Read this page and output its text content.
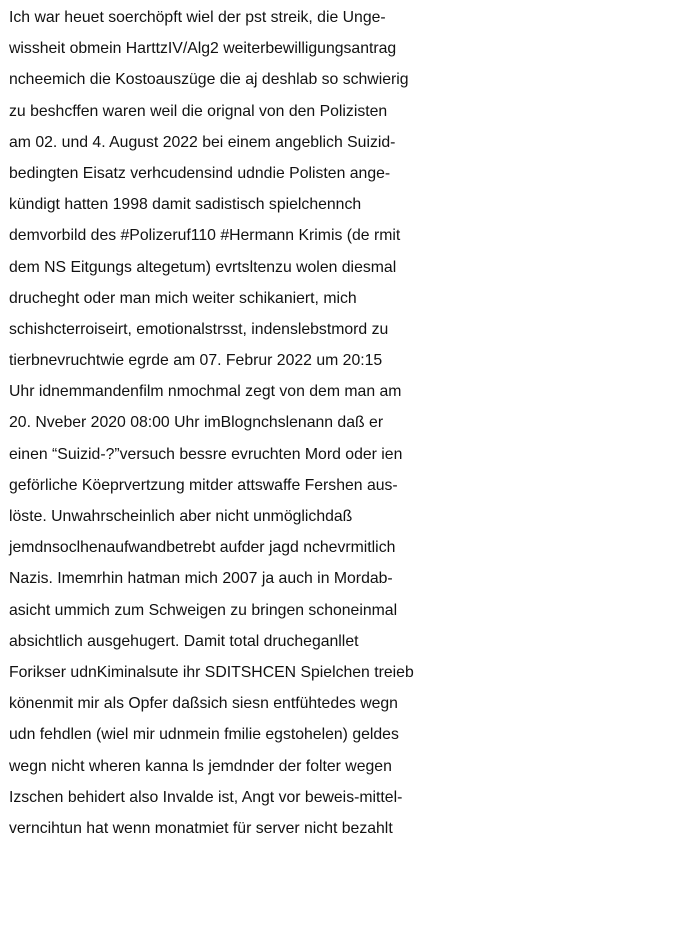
Ich war heuet soerchöpft wiel der pst streik, die Unge-
wissheit obmein HarttzIV/Alg2 weiterbewilligungsantrag
ncheemich die Kostoauszüge die aj deshlab so schwierig
zu beshcffen waren weil die orignal von den Polizisten
am 02. und 4. August 2022 bei einem angeblich Suizid-
bedingten Eisatz verhcudensind udndie Polisten ange-
kündigt hatten 1998 damit sadistisch spielchennch
demvorbild des #Polizeruf110 #Hermann Krimis (de rmit
dem NS Eitgungs altegetum) evrtsltenzu wolen diesmal
drucheght oder man mich weiter schikaniert, mich
schishcterroiseirt, emotionalstrsst, indenslebstmord zu
tierbnevruchtwie egrde am 07. Februr 2022 um 20:15
Uhr idnemmandenfilm nmochmal zegt von dem man am
20. Nveber 2020 08:00 Uhr imBlognchslenann daß er
einen “Suizid-?”versuch bessre evruchten Mord oder ien
geförliche Köeprvertzung mitder attswaffe Fershen aus-
löste. Unwahrscheinlich aber nicht unmöglichdaß
jemdnsoclhenaufwandbetrebt aufder jagd nchevrmitlich
Nazis. Imemrhin hatman mich 2007 ja auch in Mordab-
asicht ummich zum Schweigen zu bringen schoneinmal
absichtlich ausgehugert. Damit total drucheganllet
Forikser udnKiminalsute ihr SDITSHCEN Spielchen treieb
könenmit mir als Opfer daßsich siesn entfühtedes wegn
udn fehdlen (wiel mir udnmein fmilie egstohelen) geldes
wegn nicht wheren kanna ls jemdnder der folter wegen
Izschen behidert also Invalde ist, Angt vor beweis-mittel-
verncihtun hat wenn monatmiet für server nicht bezahlt
